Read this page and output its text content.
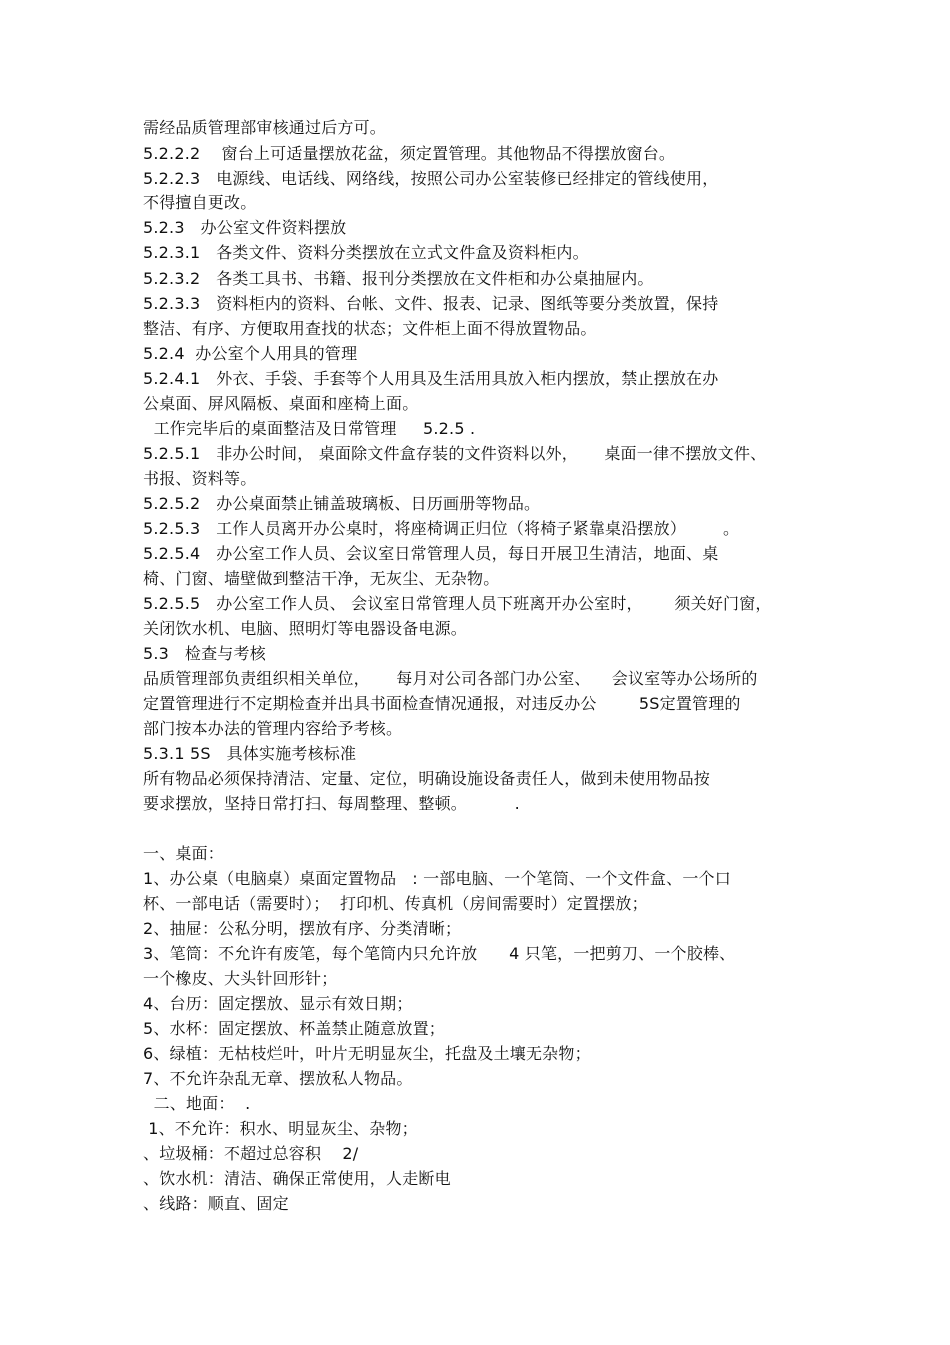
需经品质管理部审核通过后方可。
5.2.2.2    窗台上可适量摆放花盆，须定置管理。其他物品不得摆放窗台。
5.2.2.3   电源线、电话线、网络线，按照公司办公室装修已经排定的管线使用，
不得擅自更改。
5.2.3   办公室文件资料摆放
5.2.3.1   各类文件、资料分类摆放在立式文件盒及资料柜内。
5.2.3.2   各类工具书、书籍、报刊分类摆放在文件柜和办公桌抽屉内。
5.2.3.3   资料柜内的资料、台帐、文件、报表、记录、图纸等要分类放置，保持
整洁、有序、方便取用查找的状态；文件柜上面不得放置物品。
5.2.4  办公室个人用具的管理
5.2.4.1   外衣、手袋、手套等个人用具及生活用具放入柜内摆放，禁止摆放在办
公桌面、屏风隔板、桌面和座椅上面。
工作完毕后的桌面整洁及日常管理     5.2.5 .
5.2.5.1   非办公时间， 桌面除文件盒存装的文件资料以外，     桌面一律不摆放文件、
书报、资料等。
5.2.5.2   办公桌面禁止铺盖玻璃板、日历画册等物品。
5.2.5.3   工作人员离开办公桌时，将座椅调正归位（将椅子紧靠桌沿摆放）       。
5.2.5.4   办公室工作人员、会议室日常管理人员，每日开展卫生清洁，地面、桌
椅、门窗、墙壁做到整洁干净，无灰尘、无杂物。
5.2.5.5   办公室工作人员、 会议室日常管理人员下班离开办公室时，      须关好门窗，
关闭饮水机、电脑、照明灯等电器设备电源。
5.3   检查与考核
品质管理部负责组织相关单位，     每月对公司各部门办公室、    会议室等办公场所的
定置管理进行不定期检查并出具书面检查情况通报，对违反办公        5S定置管理的
部门按本办法的管理内容给予考核。
5.3.1 5S   具体实施考核标准
所有物品必须保持清洁、定量、定位，明确设施设备责任人，做到未使用物品按
要求摆放，坚持日常打扫、每周整理、整顿。         .
一、桌面：
1、办公桌（电脑桌）桌面定置物品   : 一部电脑、一个笔筒、一个文件盒、一个口
杯、一部电话（需要时）；  打印机、传真机（房间需要时）定置摆放；
2、抽屉：公私分明，摆放有序、分类清晰；
3、笔筒：不允许有废笔，每个笔筒内只允许放      4 只笔，一把剪刀、一个胶棒、
一个橡皮、大头针回形针；
4、台历：固定摆放、显示有效日期；
5、水杯：固定摆放、杯盖禁止随意放置；
6、绿植：无枯枝烂叶，叶片无明显灰尘，托盘及土壤无杂物；
7、不允许杂乱无章、摆放私人物品。
二、地面：  .
1、不允许：积水、明显灰尘、杂物；
、垃圾桶：不超过总容积    2/
、饮水机：清洁、确保正常使用，人走断电
、线路：顺直、固定
